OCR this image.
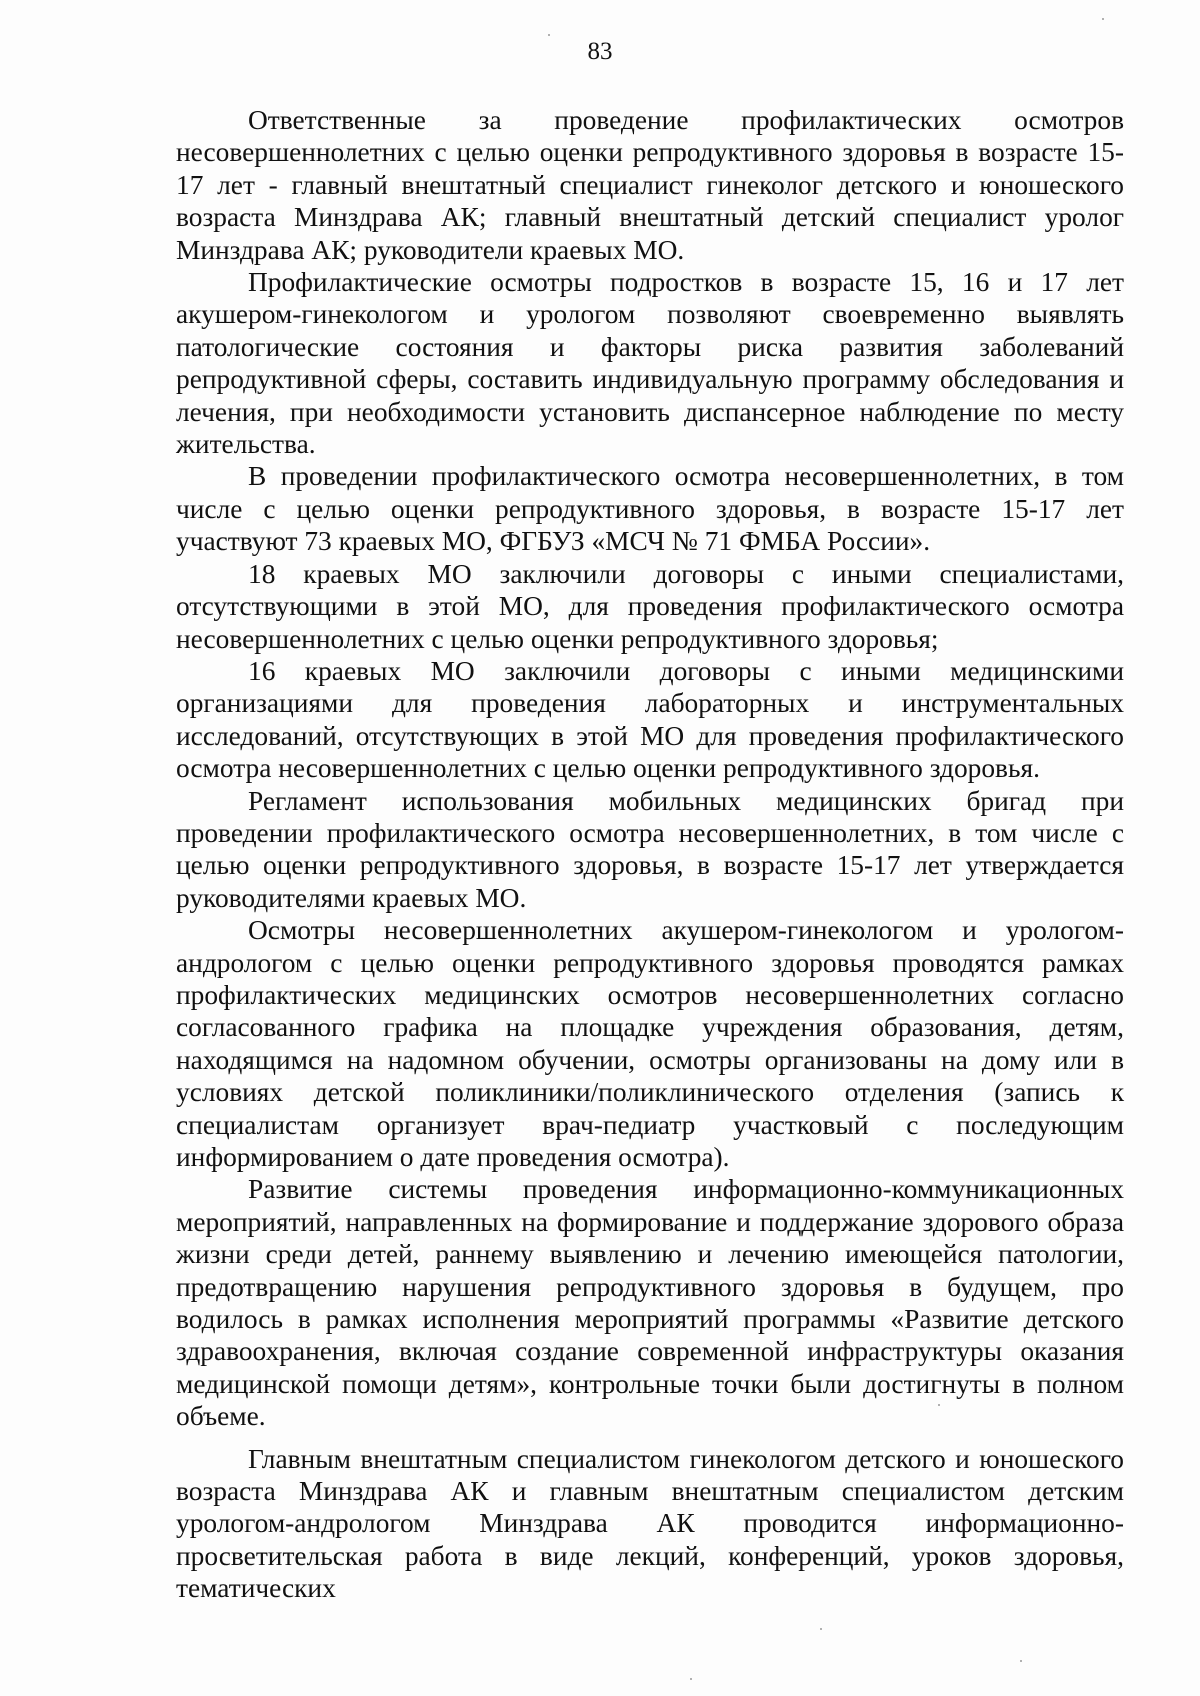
83

Ответственные за проведение профилактических осмотров несовершеннолетних с целью оценки репродуктивного здоровья в возрасте 15-17 лет - главный внештатный специалист гинеколог детского и юношеского возраста Минздрава АК; главный внештатный детский специалист уролог Минздрава АК; руководители краевых МО.

Профилактические осмотры подростков в возрасте 15, 16 и 17 лет акушером-гинекологом и урологом позволяют своевременно выявлять патологические состояния и факторы риска развития заболеваний репродуктивной сферы, составить индивидуальную программу обследования и лечения, при необходимости установить диспансерное наблюдение по месту жительства.

В проведении профилактического осмотра несовершеннолетних, в том числе с целью оценки репродуктивного здоровья, в возрасте 15-17 лет участвуют 73 краевых МО, ФГБУЗ «МСЧ № 71 ФМБА России».

18 краевых МО заключили договоры с иными специалистами, отсутствующими в этой МО, для проведения профилактического осмотра несовершеннолетних с целью оценки репродуктивного здоровья;

16 краевых МО заключили договоры с иными медицинскими организациями для проведения лабораторных и инструментальных исследований, отсутствующих в этой МО для проведения профилактического осмотра несовершеннолетних с целью оценки репродуктивного здоровья.

Регламент использования мобильных медицинских бригад при проведении профилактического осмотра несовершеннолетних, в том числе с целью оценки репродуктивного здоровья, в возрасте 15-17 лет утверждается руководителями краевых МО.

Осмотры несовершеннолетних акушером-гинекологом и урологом-андрологом с целью оценки репродуктивного здоровья проводятся рамках профилактических медицинских осмотров несовершеннолетних согласно согласованного графика на площадке учреждения образования, детям, находящимся на надомном обучении, осмотры организованы на дому или в условиях детской поликлиники/поликлинического отделения (запись к специалистам организует врач-педиатр участковый с последующим информированием о дате проведения осмотра).

Развитие системы проведения информационно-коммуникационных мероприятий, направленных на формирование и поддержание здорового образа жизни среди детей, раннему выявлению и лечению имеющейся патологии, предотвращению нарушения репродуктивного здоровья в будущем, про водилось в рамках исполнения мероприятий программы «Развитие детского здравоохранения, включая создание современной инфраструктуры оказания медицинской помощи детям», контрольные точки были достигнуты в полном объеме.

Главным внештатным специалистом гинекологом детского и юношеского возраста Минздрава АК и главным внештатным специалистом детским урологом-андрологом Минздрава АК проводится информационно-просветительская работа в виде лекций, конференций, уроков здоровья, тематических
